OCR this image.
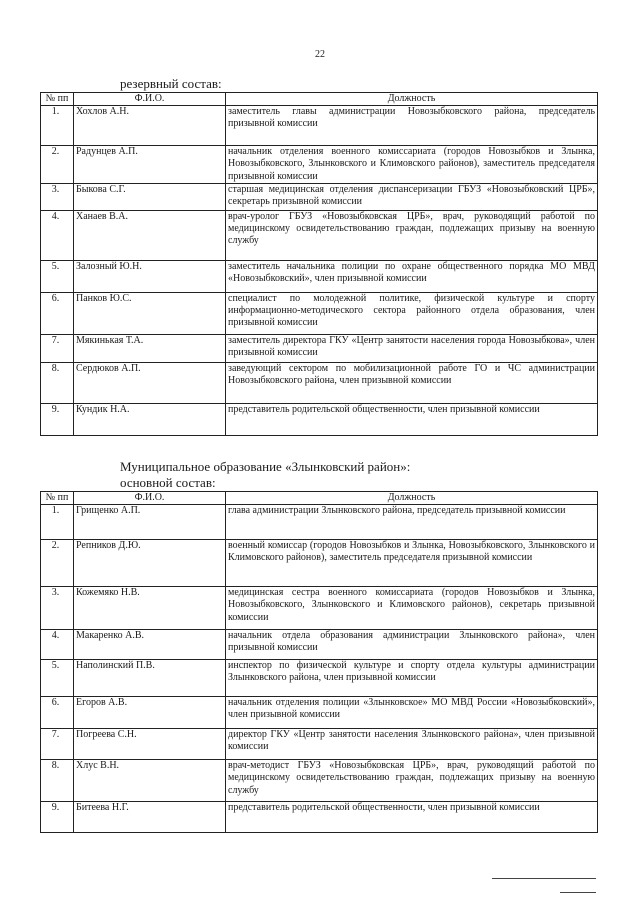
22
резервный состав:
№ пп	Ф.И.О.	Должность
1.	Хохлов А.Н.	заместитель главы администрации Новозыбковского района, председатель призывной комиссии
2.	Радунцев А.П.	начальник отделения военного комиссариата (городов Новозыбков и Злынка, Новозыбковского, Злынковского и Климовского районов), заместитель председателя призывной комиссии
3.	Быкова С.Г.	старшая медицинская отделения диспансеризации ГБУЗ «Новозыбковский ЦРБ», секретарь призывной комиссии
4.	Ханаев В.А.	врач-уролог ГБУЗ «Новозыбковская ЦРБ», врач, руководящий работой по медицинскому освидетельствованию граждан, подлежащих призыву на военную службу
5.	Залозный Ю.Н.	заместитель начальника полиции по охране общественного порядка МО МВД «Новозыбковский», член призывной комиссии
6.	Панков Ю.С.	специалист по молодежной политике, физической культуре и спорту информационно-методического сектора районного отдела образования, член призывной комиссии
7.	Мякинькая Т.А.	заместитель директора ГКУ «Центр занятости населения города Новозыбкова», член призывной комиссии
8.	Сердюков А.П.	заведующий сектором по мобилизационной работе ГО и ЧС администрации Новозыбковского района, член призывной комиссии
9.	Кундик Н.А.	представитель родительской общественности, член призывной комиссии
Муниципальное образование «Злынковский район»:
основной состав:
№ пп	Ф.И.О.	Должность
1.	Грищенко А.П.	глава администрации Злынковского района, председатель призывной комиссии
2.	Репников Д.Ю.	военный комиссар (городов Новозыбков и Злынка, Новозыбковского, Злынковского и Климовского районов), заместитель председателя призывной комиссии
3.	Кожемяко Н.В.	медицинская сестра военного комиссариата (городов Новозыбков и Злынка, Новозыбковского, Злынковского и Климовского районов), секретарь призывной комиссии
4.	Макаренко А.В.	начальник отдела образования администрации Злынковского района», член призывной комиссии
5.	Наполинский П.В.	инспектор по физической культуре и спорту отдела культуры администрации Злынковского района, член призывной комиссии
6.	Егоров А.В.	начальник отделения полиции «Злынковское» МО МВД России «Новозыбковский», член призывной комиссии
7.	Погреева С.Н.	директор ГКУ «Центр занятости населения Злынковского района», член призывной комиссии
8.	Хлус В.Н.	врач-методист ГБУЗ «Новозыбковская ЦРБ», врач, руководящий работой по медицинскому освидетельствованию граждан, подлежащих призыву на военную службу
9.	Битеева Н.Г.	представитель родительской общественности, член призывной комиссии
